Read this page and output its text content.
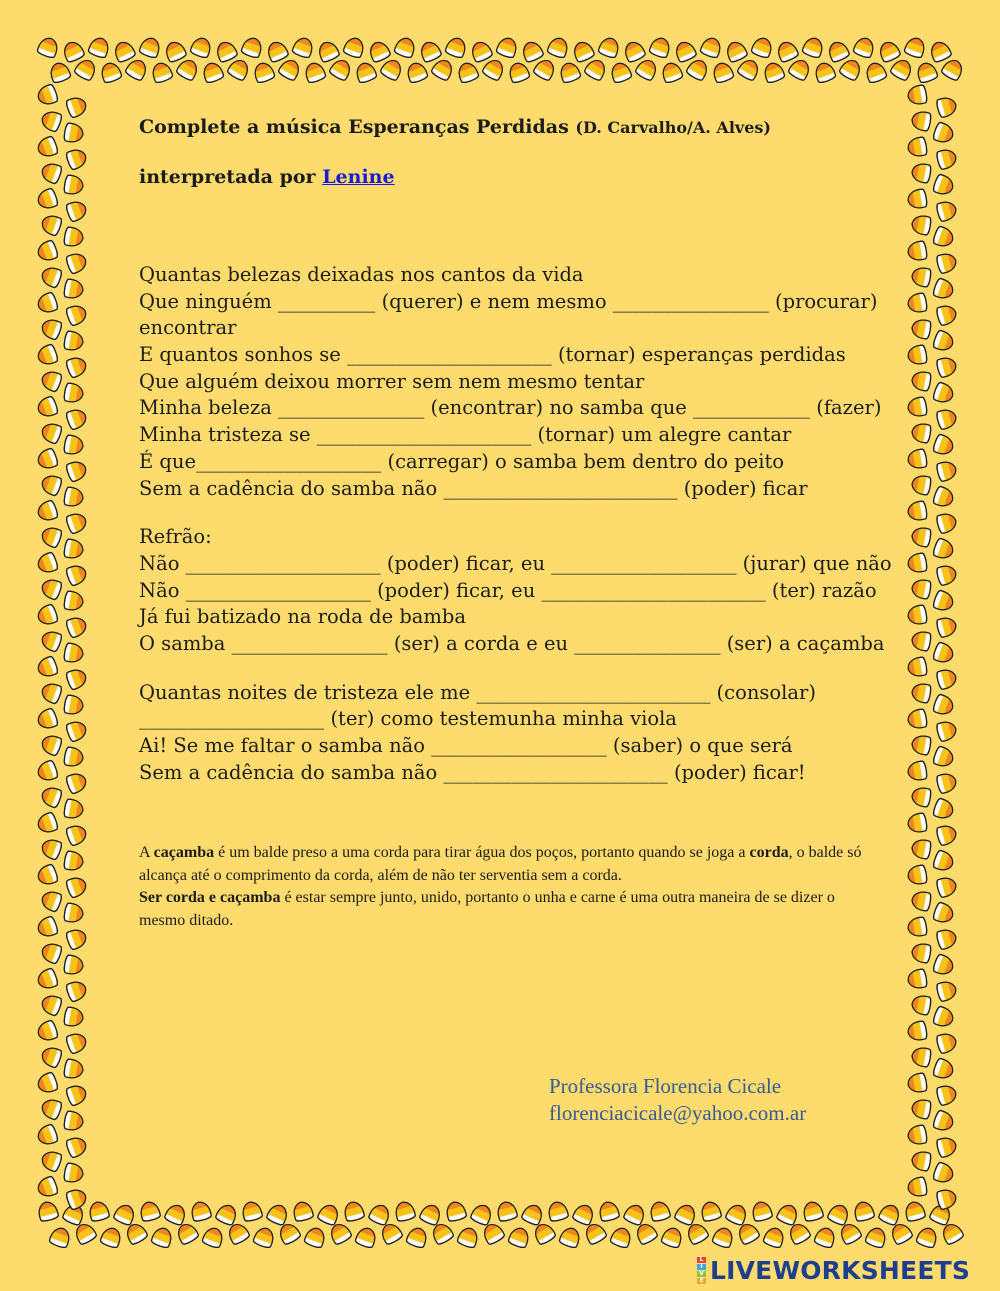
Complete a música Esperanças Perdidas (D. Carvalho/A. Alves)
interpretada por Lenine
Quantas belezas deixadas nos cantos da vida
Que ninguém __________ (querer) e nem mesmo ________________ (procurar)
encontrar
E quantos sonhos se _____________________ (tornar) esperanças perdidas
Que alguém deixou morrer sem nem mesmo tentar
Minha beleza _______________ (encontrar) no samba que ____________ (fazer)
Minha tristeza se ______________________ (tornar) um alegre cantar
É que___________________ (carregar) o samba bem dentro do peito
Sem a cadência do samba não ________________________ (poder) ficar
Refrão:
Não ____________________ (poder) ficar, eu ___________________ (jurar) que não
Não ___________________ (poder) ficar, eu _______________________ (ter) razão
Já fui batizado na roda de bamba
O samba ________________ (ser) a corda e eu _______________ (ser) a caçamba
Quantas noites de tristeza ele me ________________________ (consolar)
___________________ (ter) como testemunha minha viola
Ai! Se me faltar o samba não __________________ (saber) o que será
Sem a cadência do samba não _______________________ (poder) ficar!
A caçamba é um balde preso a uma corda para tirar água dos poços, portanto quando se joga a corda, o balde só alcança até o comprimento da corda, além de não ter serventia sem a corda.
Ser corda e caçamba é estar sempre junto, unido, portanto o unha e carne é uma outra maneira de se dizer o mesmo ditado.
Professora Florencia Cicale
florenciacicale@yahoo.com.ar
L
I
V
E LIVEWORKSHEETS
